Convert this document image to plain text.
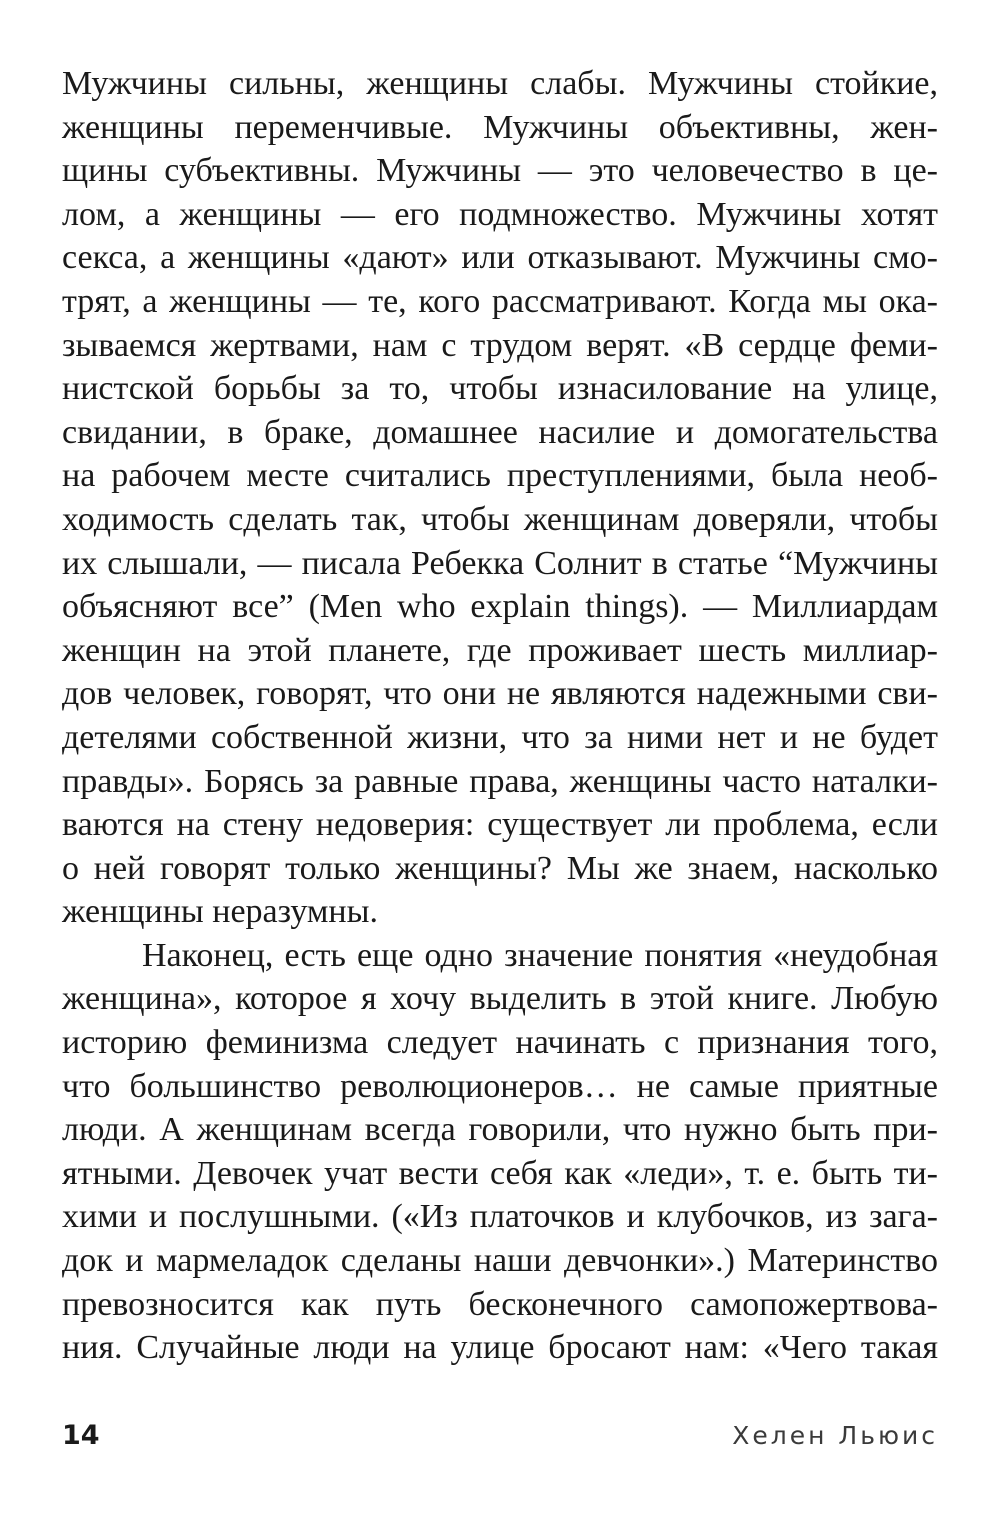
Мужчины сильны, женщины слабы. Мужчины стойкие,
женщины переменчивые. Мужчины объективны, жен-
щины субъективны. Мужчины — это человечество в це-
лом, а женщины — его подмножество. Мужчины хотят
секса, а женщины «дают» или отказывают. Мужчины смо-
трят, а женщины — те, кого рассматривают. Когда мы ока-
зываемся жертвами, нам с трудом верят. «В сердце феми-
нистской борьбы за то, чтобы изнасилование на улице,
свидании, в браке, домашнее насилие и домогательства
на рабочем месте считались преступлениями, была необ-
ходимость сделать так, чтобы женщинам доверяли, чтобы
их слышали, — писала Ребекка Солнит в статье “Мужчины
объясняют все” (Men who explain things). — Миллиардам
женщин на этой планете, где проживает шесть миллиар-
дов человек, говорят, что они не являются надежными сви-
детелями собственной жизни, что за ними нет и не будет
правды». Борясь за равные права, женщины часто наталки-
ваются на стену недоверия: существует ли проблема, если
о ней говорят только женщины? Мы же знаем, насколько
женщины неразумны.
Наконец, есть еще одно значение понятия «неудобная
женщина», которое я хочу выделить в этой книге. Любую
историю феминизма следует начинать с признания того,
что большинство революционеров… не самые приятные
люди. А женщинам всегда говорили, что нужно быть при-
ятными. Девочек учат вести себя как «леди», т. е. быть ти-
хими и послушными. («Из платочков и клубочков, из зага-
док и мармеладок сделаны наши девчонки».) Материнство
превозносится как путь бесконечного самопожертвова-
ния. Случайные люди на улице бросают нам: «Чего такая
14	Хелен Льюис
